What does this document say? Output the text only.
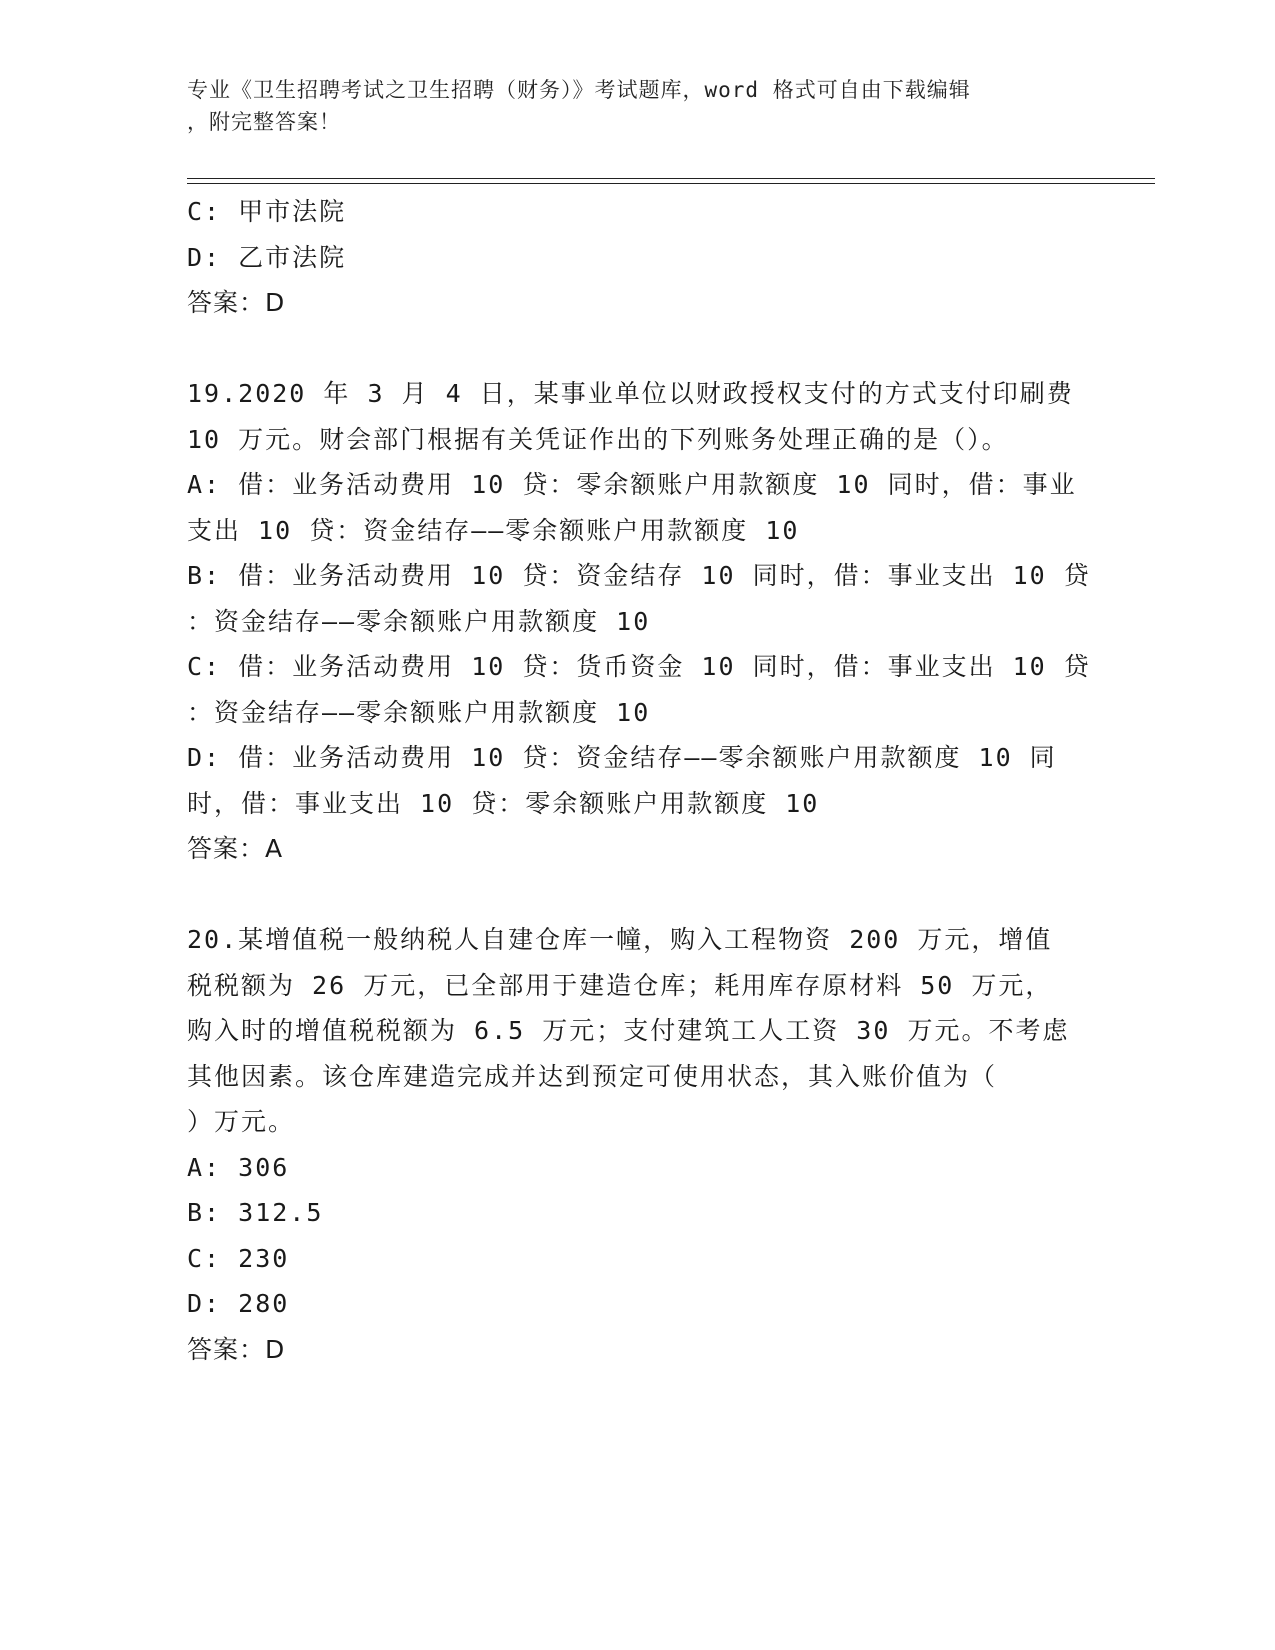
专业《卫生招聘考试之卫生招聘（财务）》考试题库，word 格式可自由下载编辑
，附完整答案！
C: 甲市法院
D: 乙市法院
答案：D
19.2020 年 3 月 4 日，某事业单位以财政授权支付的方式支付印刷费
10 万元。财会部门根据有关凭证作出的下列账务处理正确的是（）。
A: 借：业务活动费用 10 贷：零余额账户用款额度 10 同时，借：事业
支出 10 贷：资金结存——零余额账户用款额度 10
B: 借：业务活动费用 10 贷：资金结存 10 同时，借：事业支出 10 贷
：资金结存——零余额账户用款额度 10
C: 借：业务活动费用 10 贷：货币资金 10 同时，借：事业支出 10 贷
：资金结存——零余额账户用款额度 10
D: 借：业务活动费用 10 贷：资金结存——零余额账户用款额度 10 同
时，借：事业支出 10 贷：零余额账户用款额度 10
答案：A
20.某增值税一般纳税人自建仓库一幢，购入工程物资 200 万元，增值
税税额为 26 万元，已全部用于建造仓库；耗用库存原材料 50 万元，
购入时的增值税税额为 6.5 万元；支付建筑工人工资 30 万元。不考虑
其他因素。该仓库建造完成并达到预定可使用状态，其入账价值为（
）万元。
A: 306
B: 312.5
C: 230
D: 280
答案：D
